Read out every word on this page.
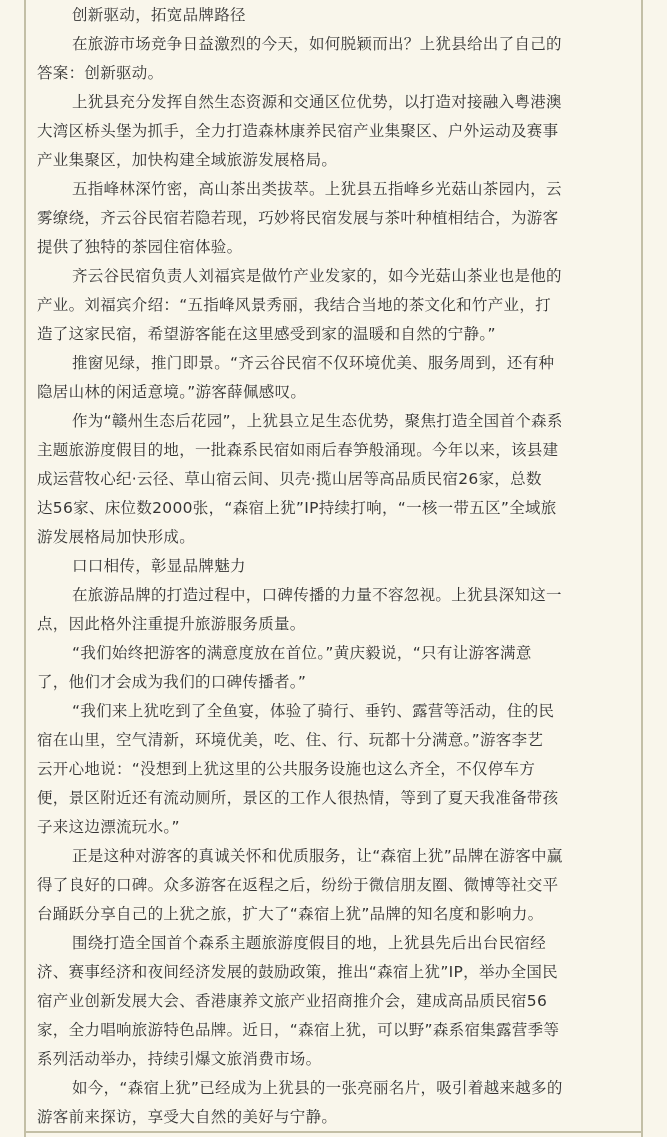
创新驱动，拓宽品牌路径
在旅游市场竞争日益激烈的今天，如何脱颖而出？上犹县给出了自己的
答案：创新驱动。
上犹县充分发挥自然生态资源和交通区位优势，以打造对接融入粤港澳
大湾区桥头堡为抓手，全力打造森林康养民宿产业集聚区、户外运动及赛事
产业集聚区，加快构建全域旅游发展格局。
五指峰林深竹密，高山茶出类拔萃。上犹县五指峰乡光菇山茶园内，云
雾缭绕，齐云谷民宿若隐若现，巧妙将民宿发展与茶叶种植相结合，为游客
提供了独特的茶园住宿体验。
齐云谷民宿负责人刘福宾是做竹产业发家的，如今光菇山茶业也是他的
产业。刘福宾介绍：“五指峰风景秀丽，我结合当地的茶文化和竹产业，打
造了这家民宿，希望游客能在这里感受到家的温暖和自然的宁静。”
推窗见绿，推门即景。“齐云谷民宿不仅环境优美、服务周到，还有种
隐居山林的闲适意境。”游客薛佩感叹。
作为“赣州生态后花园”，上犹县立足生态优势，聚焦打造全国首个森系
主题旅游度假目的地，一批森系民宿如雨后春笋般涌现。今年以来，该县建
成运营牧心纪·云径、草山宿云间、贝壳·揽山居等高品质民宿26家，总数
达56家、床位数2000张，“森宿上犹”IP持续打响，“一核一带五区”全域旅
游发展格局加快形成。
口口相传，彰显品牌魅力
在旅游品牌的打造过程中，口碑传播的力量不容忽视。上犹县深知这一
点，因此格外注重提升旅游服务质量。
“我们始终把游客的满意度放在首位。”黄庆毅说，“只有让游客满意
了，他们才会成为我们的口碑传播者。”
“我们来上犹吃到了全鱼宴，体验了骑行、垂钓、露营等活动，住的民
宿在山里，空气清新，环境优美，吃、住、行、玩都十分满意。”游客李艺
云开心地说：“没想到上犹这里的公共服务设施也这么齐全，不仅停车方
便，景区附近还有流动厕所，景区的工作人很热情，等到了夏天我准备带孩
子来这边漂流玩水。”
正是这种对游客的真诚关怀和优质服务，让“森宿上犹”品牌在游客中赢
得了良好的口碑。众多游客在返程之后，纷纷于微信朋友圈、微博等社交平
台踊跃分享自己的上犹之旅，扩大了“森宿上犹”品牌的知名度和影响力。
围绕打造全国首个森系主题旅游度假目的地，上犹县先后出台民宿经
济、赛事经济和夜间经济发展的鼓励政策，推出“森宿上犹”IP，举办全国民
宿产业创新发展大会、香港康养文旅产业招商推介会，建成高品质民宿56
家，全力唱响旅游特色品牌。近日，“森宿上犹，可以野”森系宿集露营季等
系列活动举办，持续引爆文旅消费市场。
如今，“森宿上犹”已经成为上犹县的一张亮丽名片，吸引着越来越多的
游客前来探访，享受大自然的美好与宁静。
